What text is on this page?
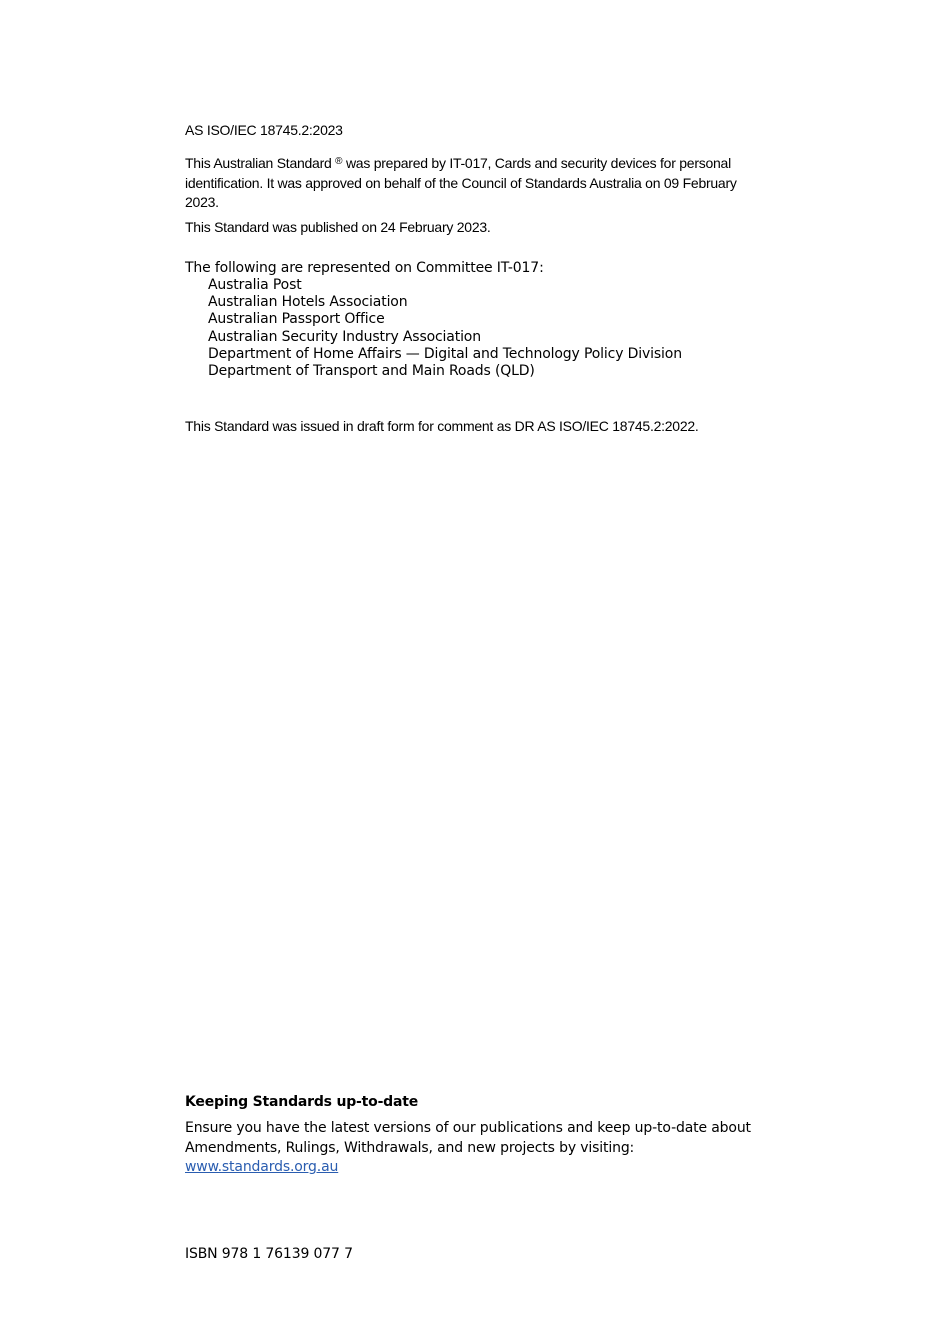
AS ISO/IEC 18745.2:2023

This Australian Standard ® was prepared by IT-017, Cards and security devices for personal identification. It was approved on behalf of the Council of Standards Australia on 09 February 2023.

This Standard was published on 24 February 2023.

The following are represented on Committee IT-017:

Australia Post
Australian Hotels Association
Australian Passport Office
Australian Security Industry Association
Department of Home Affairs — Digital and Technology Policy Division
Department of Transport and Main Roads (QLD)

This Standard was issued in draft form for comment as DR AS ISO/IEC 18745.2:2022.

Keeping Standards up-to-date

Ensure you have the latest versions of our publications and keep up-to-date about Amendments, Rulings, Withdrawals, and new projects by visiting:
www.standards.org.au

ISBN 978 1 76139 077 7
